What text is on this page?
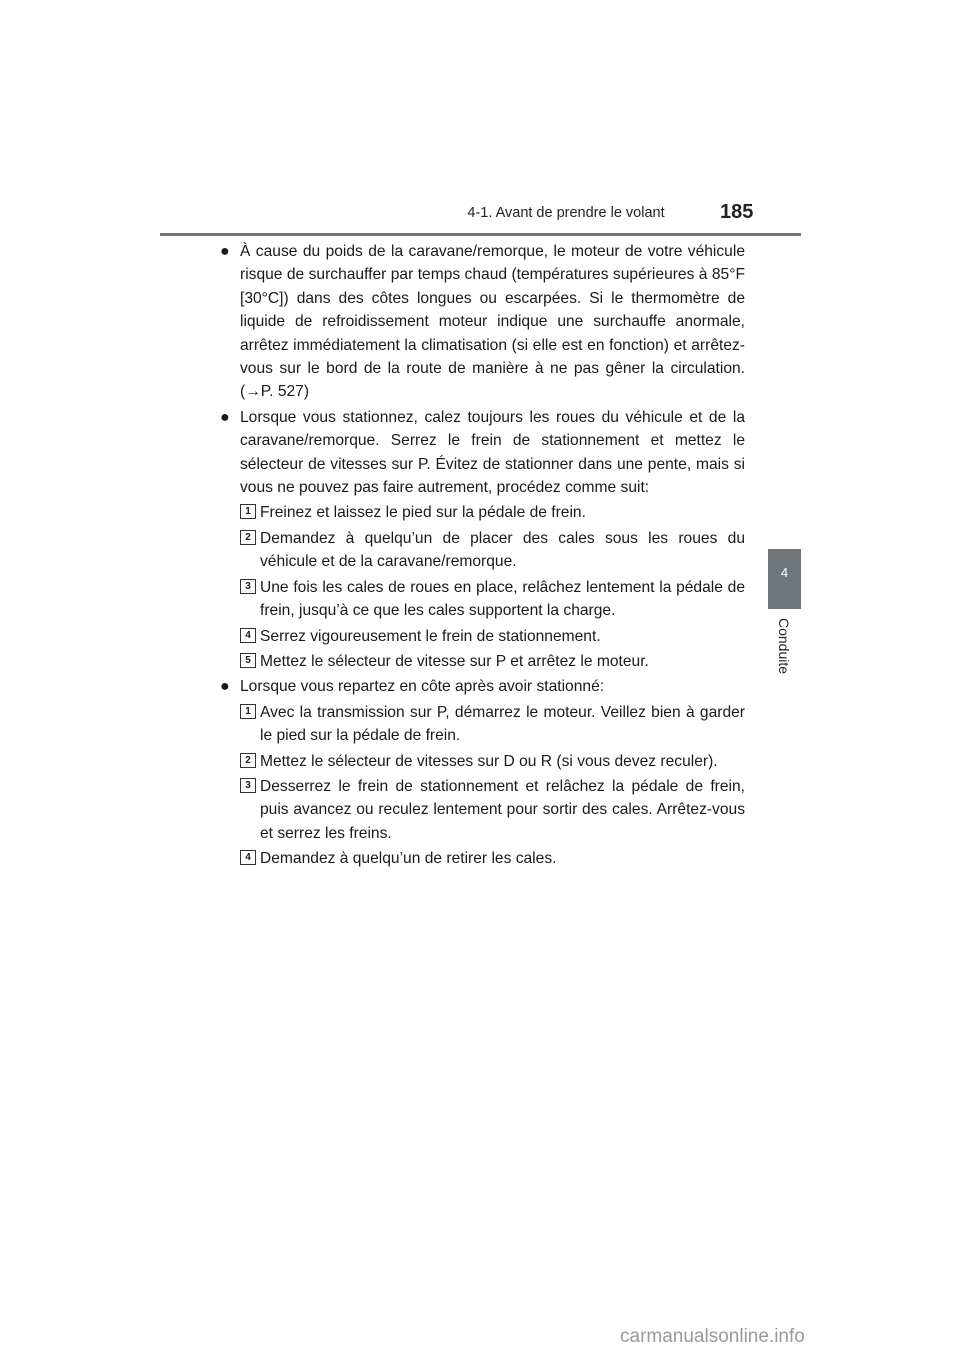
4-1. Avant de prendre le volant	185
4
Conduite
● À cause du poids de la caravane/remorque, le moteur de votre véhicule risque de surchauffer par temps chaud (températures supérieures à 85°F [30°C]) dans des côtes longues ou escarpées. Si le thermomètre de liquide de refroidissement moteur indique une surchauffe anormale, arrêtez immédiatement la climatisation (si elle est en fonction) et arrêtez-vous sur le bord de la route de manière à ne pas gêner la circulation. (→P. 527)
● Lorsque vous stationnez, calez toujours les roues du véhicule et de la caravane/remorque. Serrez le frein de stationnement et mettez le sélecteur de vitesses sur P. Évitez de stationner dans une pente, mais si vous ne pouvez pas faire autrement, procédez comme suit:
1 Freinez et laissez le pied sur la pédale de frein.
2 Demandez à quelqu’un de placer des cales sous les roues du véhicule et de la caravane/remorque.
3 Une fois les cales de roues en place, relâchez lentement la pédale de frein, jusqu’à ce que les cales supportent la charge.
4 Serrez vigoureusement le frein de stationnement.
5 Mettez le sélecteur de vitesse sur P et arrêtez le moteur.
● Lorsque vous repartez en côte après avoir stationné:
1 Avec la transmission sur P, démarrez le moteur. Veillez bien à garder le pied sur la pédale de frein.
2 Mettez le sélecteur de vitesses sur D ou R (si vous devez reculer).
3 Desserrez le frein de stationnement et relâchez la pédale de frein, puis avancez ou reculez lentement pour sortir des cales. Arrêtez-vous et serrez les freins.
4 Demandez à quelqu’un de retirer les cales.
carmanualsonline.info
